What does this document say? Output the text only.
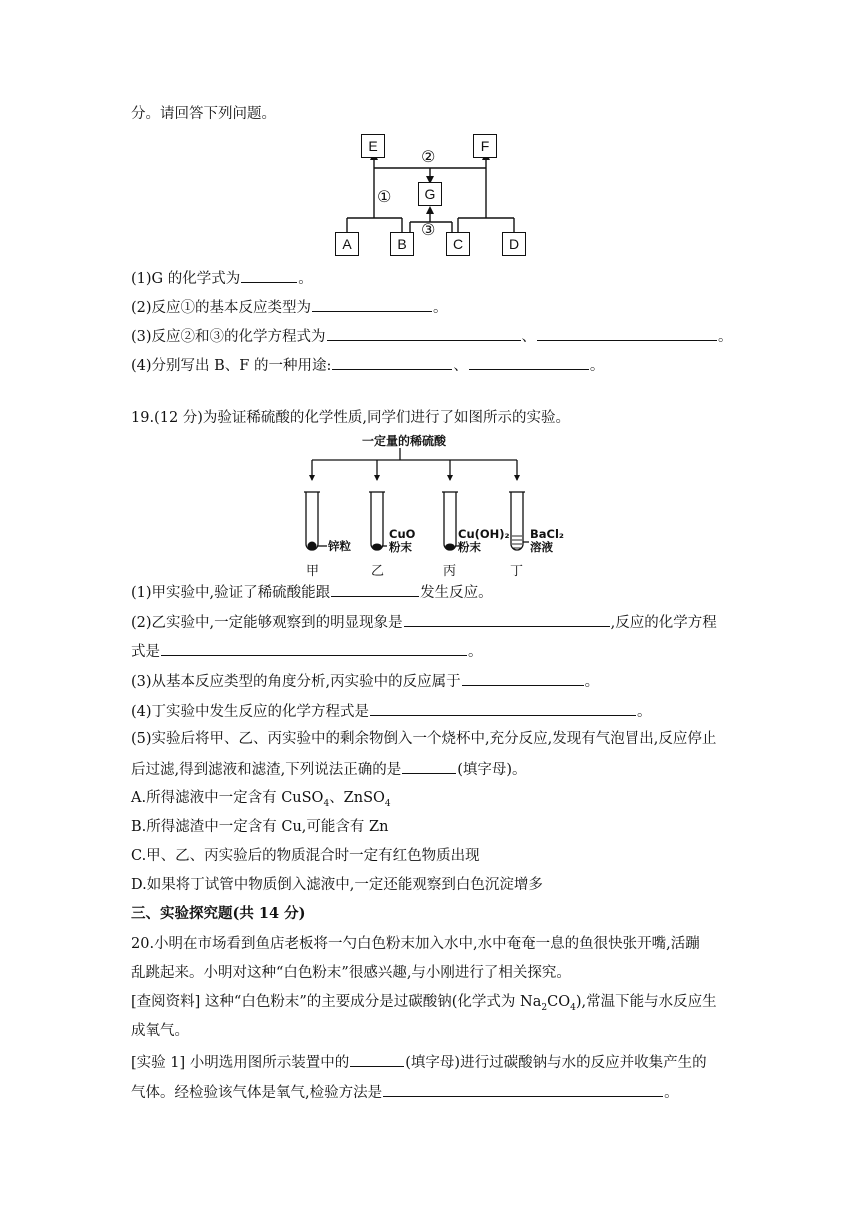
分。请回答下列问题。
E	F
G
A	B	C	D
①
②
③
(1)G 的化学式为	。
(2)反应①的基本反应类型为	。
(3)反应②和③的化学方程式为	、	。
(4)分别写出 B、F 的一种用途:	、	。
19.(12 分)为验证稀硫酸的化学性质,同学们进行了如图所示的实验。
一定量的稀硫酸
锌粒
CuO
粉末
Cu(OH)₂
粉末
BaCl₂
溶液
甲	乙	丙	丁
(1)甲实验中,验证了稀硫酸能跟	发生反应。
(2)乙实验中,一定能够观察到的明显现象是	,反应的化学方程
式是	。
(3)从基本反应类型的角度分析,丙实验中的反应属于	。
(4)丁实验中发生反应的化学方程式是	。
(5)实验后将甲、乙、丙实验中的剩余物倒入一个烧杯中,充分反应,发现有气泡冒出,反应停止
后过滤,得到滤液和滤渣,下列说法正确的是	(填字母)。
A.所得滤液中一定含有 CuSO$_4$、ZnSO$_4$
B.所得滤渣中一定含有 Cu,可能含有 Zn
C.甲、乙、丙实验后的物质混合时一定有红色物质出现
D.如果将丁试管中物质倒入滤液中,一定还能观察到白色沉淀增多
三、实验探究题(共 14 分)
20.小明在市场看到鱼店老板将一勺白色粉末加入水中,水中奄奄一息的鱼很快张开嘴,活蹦
乱跳起来。小明对这种“白色粉末”很感兴趣,与小刚进行了相关探究。
[查阅资料] 这种“白色粉末”的主要成分是过碳酸钠(化学式为 $Na_2CO_4$),常温下能与水反应生
成氧气。
[实验 1] 小明选用图所示装置中的	(填字母)进行过碳酸钠与水的反应并收集产生的
气体。经检验该气体是氧气,检验方法是	。
